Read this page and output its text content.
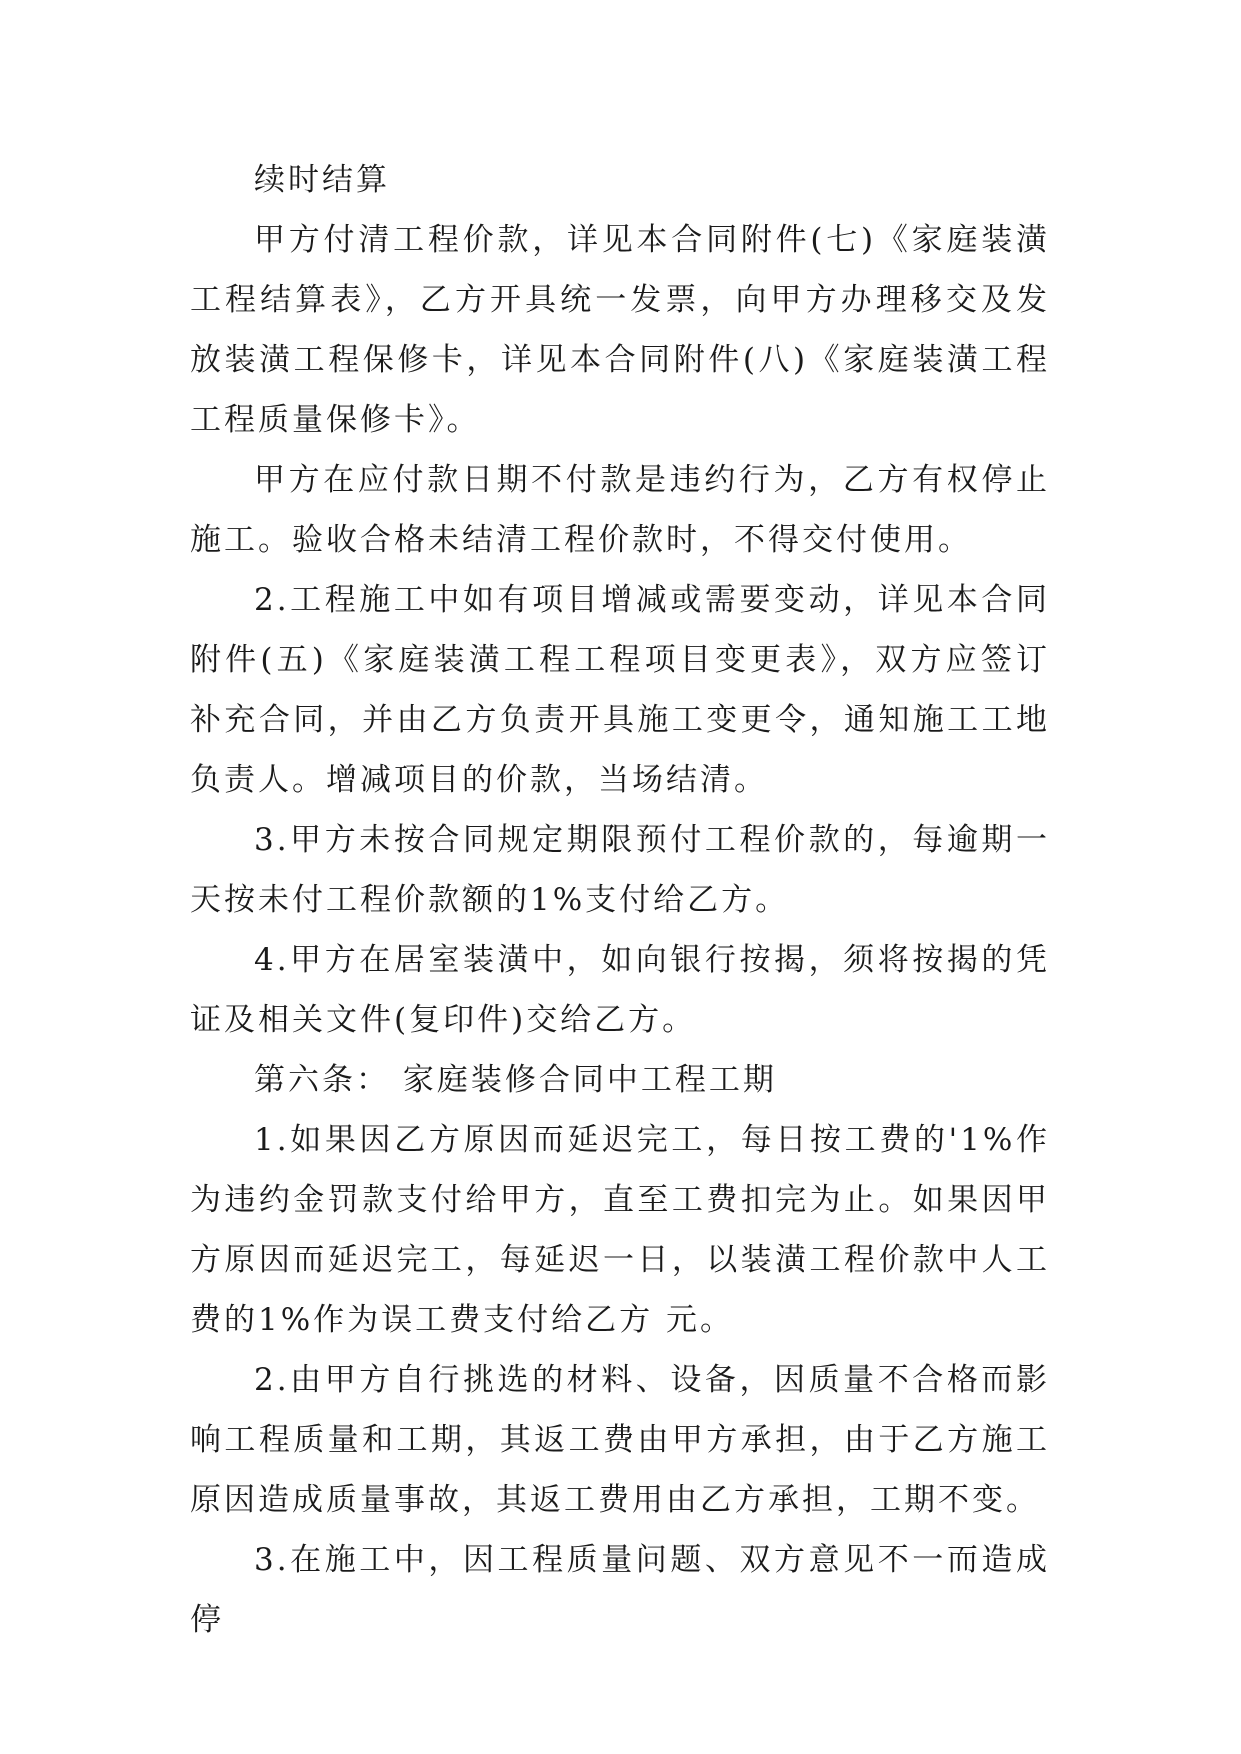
续时结算

甲方付清工程价款，详见本合同附件(七)《家庭装潢工程结算表》，乙方开具统一发票，向甲方办理移交及发放装潢工程保修卡，详见本合同附件(八)《家庭装潢工程工程质量保修卡》。

甲方在应付款日期不付款是违约行为，乙方有权停止施工。验收合格未结清工程价款时，不得交付使用。

2.工程施工中如有项目增减或需要变动，详见本合同附件(五)《家庭装潢工程工程项目变更表》，双方应签订补充合同，并由乙方负责开具施工变更令，通知施工工地负责人。增减项目的价款，当场结清。

3.甲方未按合同规定期限预付工程价款的，每逾期一天按未付工程价款额的1%支付给乙方。

4.甲方在居室装潢中，如向银行按揭，须将按揭的凭证及相关文件(复印件)交给乙方。

第六条： 家庭装修合同中工程工期

1.如果因乙方原因而延迟完工，每日按工费的'1%作为违约金罚款支付给甲方，直至工费扣完为止。如果因甲方原因而延迟完工，每延迟一日，以装潢工程价款中人工费的1%作为误工费支付给乙方 元。

2.由甲方自行挑选的材料、设备，因质量不合格而影响工程质量和工期，其返工费由甲方承担，由于乙方施工原因造成质量事故，其返工费用由乙方承担，工期不变。

3.在施工中，因工程质量问题、双方意见不一而造成停
